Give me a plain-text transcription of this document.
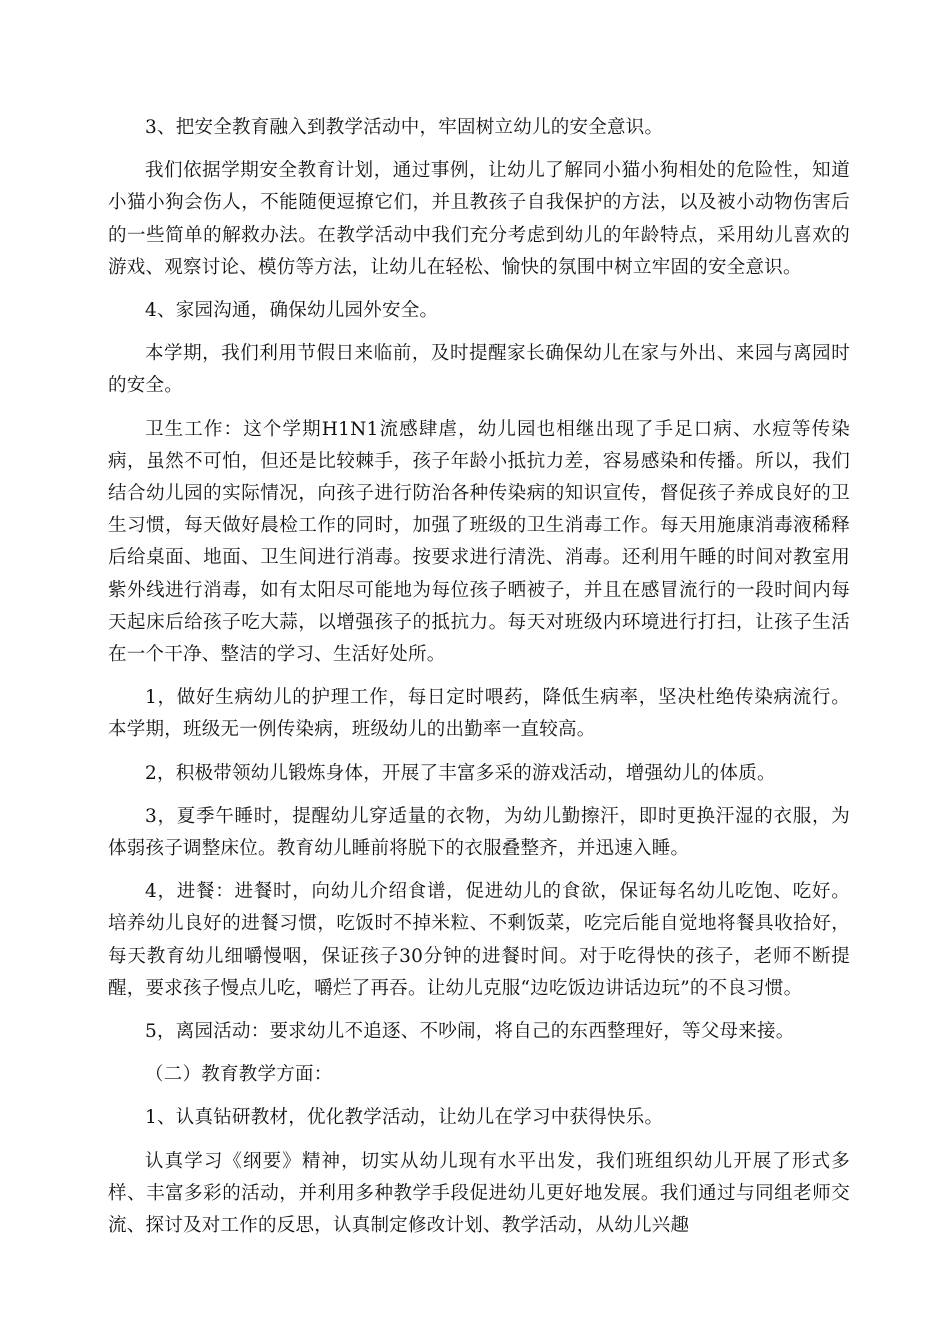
3、把安全教育融入到教学活动中，牢固树立幼儿的安全意识。

我们依据学期安全教育计划，通过事例，让幼儿了解同小猫小狗相处的危险性，知道小猫小狗会伤人，不能随便逗撩它们，并且教孩子自我保护的方法，以及被小动物伤害后的一些简单的解救办法。在教学活动中我们充分考虑到幼儿的年龄特点，采用幼儿喜欢的游戏、观察讨论、模仿等方法，让幼儿在轻松、愉快的氛围中树立牢固的安全意识。

4、家园沟通，确保幼儿园外安全。

本学期，我们利用节假日来临前，及时提醒家长确保幼儿在家与外出、来园与离园时的安全。

卫生工作：这个学期H1N1流感肆虐，幼儿园也相继出现了手足口病、水痘等传染病，虽然不可怕，但还是比较棘手，孩子年龄小抵抗力差，容易感染和传播。所以，我们结合幼儿园的实际情况，向孩子进行防治各种传染病的知识宣传，督促孩子养成良好的卫生习惯，每天做好晨检工作的同时，加强了班级的卫生消毒工作。每天用施康消毒液稀释后给桌面、地面、卫生间进行消毒。按要求进行清洗、消毒。还利用午睡的时间对教室用紫外线进行消毒，如有太阳尽可能地为每位孩子晒被子，并且在感冒流行的一段时间内每天起床后给孩子吃大蒜，以增强孩子的抵抗力。每天对班级内环境进行打扫，让孩子生活在一个干净、整洁的学习、生活好处所。

1，做好生病幼儿的护理工作，每日定时喂药，降低生病率，坚决杜绝传染病流行。本学期，班级无一例传染病，班级幼儿的出勤率一直较高。

2，积极带领幼儿锻炼身体，开展了丰富多采的游戏活动，增强幼儿的体质。

3，夏季午睡时，提醒幼儿穿适量的衣物，为幼儿勤擦汗，即时更换汗湿的衣服，为体弱孩子调整床位。教育幼儿睡前将脱下的衣服叠整齐，并迅速入睡。

4，进餐：进餐时，向幼儿介绍食谱，促进幼儿的食欲，保证每名幼儿吃饱、吃好。培养幼儿良好的进餐习惯，吃饭时不掉米粒、不剩饭菜，吃完后能自觉地将餐具收拾好，每天教育幼儿细嚼慢咽，保证孩子30分钟的进餐时间。对于吃得快的孩子，老师不断提醒，要求孩子慢点儿吃，嚼烂了再吞。让幼儿克服“边吃饭边讲话边玩”的不良习惯。

5，离园活动：要求幼儿不追逐、不吵闹，将自己的东西整理好，等父母来接。

（二）教育教学方面：

1、认真钻研教材，优化教学活动，让幼儿在学习中获得快乐。

认真学习《纲要》精神，切实从幼儿现有水平出发，我们班组织幼儿开展了形式多样、丰富多彩的活动，并利用多种教学手段促进幼儿更好地发展。我们通过与同组老师交流、探讨及对工作的反思，认真制定修改计划、教学活动，从幼儿兴趣
